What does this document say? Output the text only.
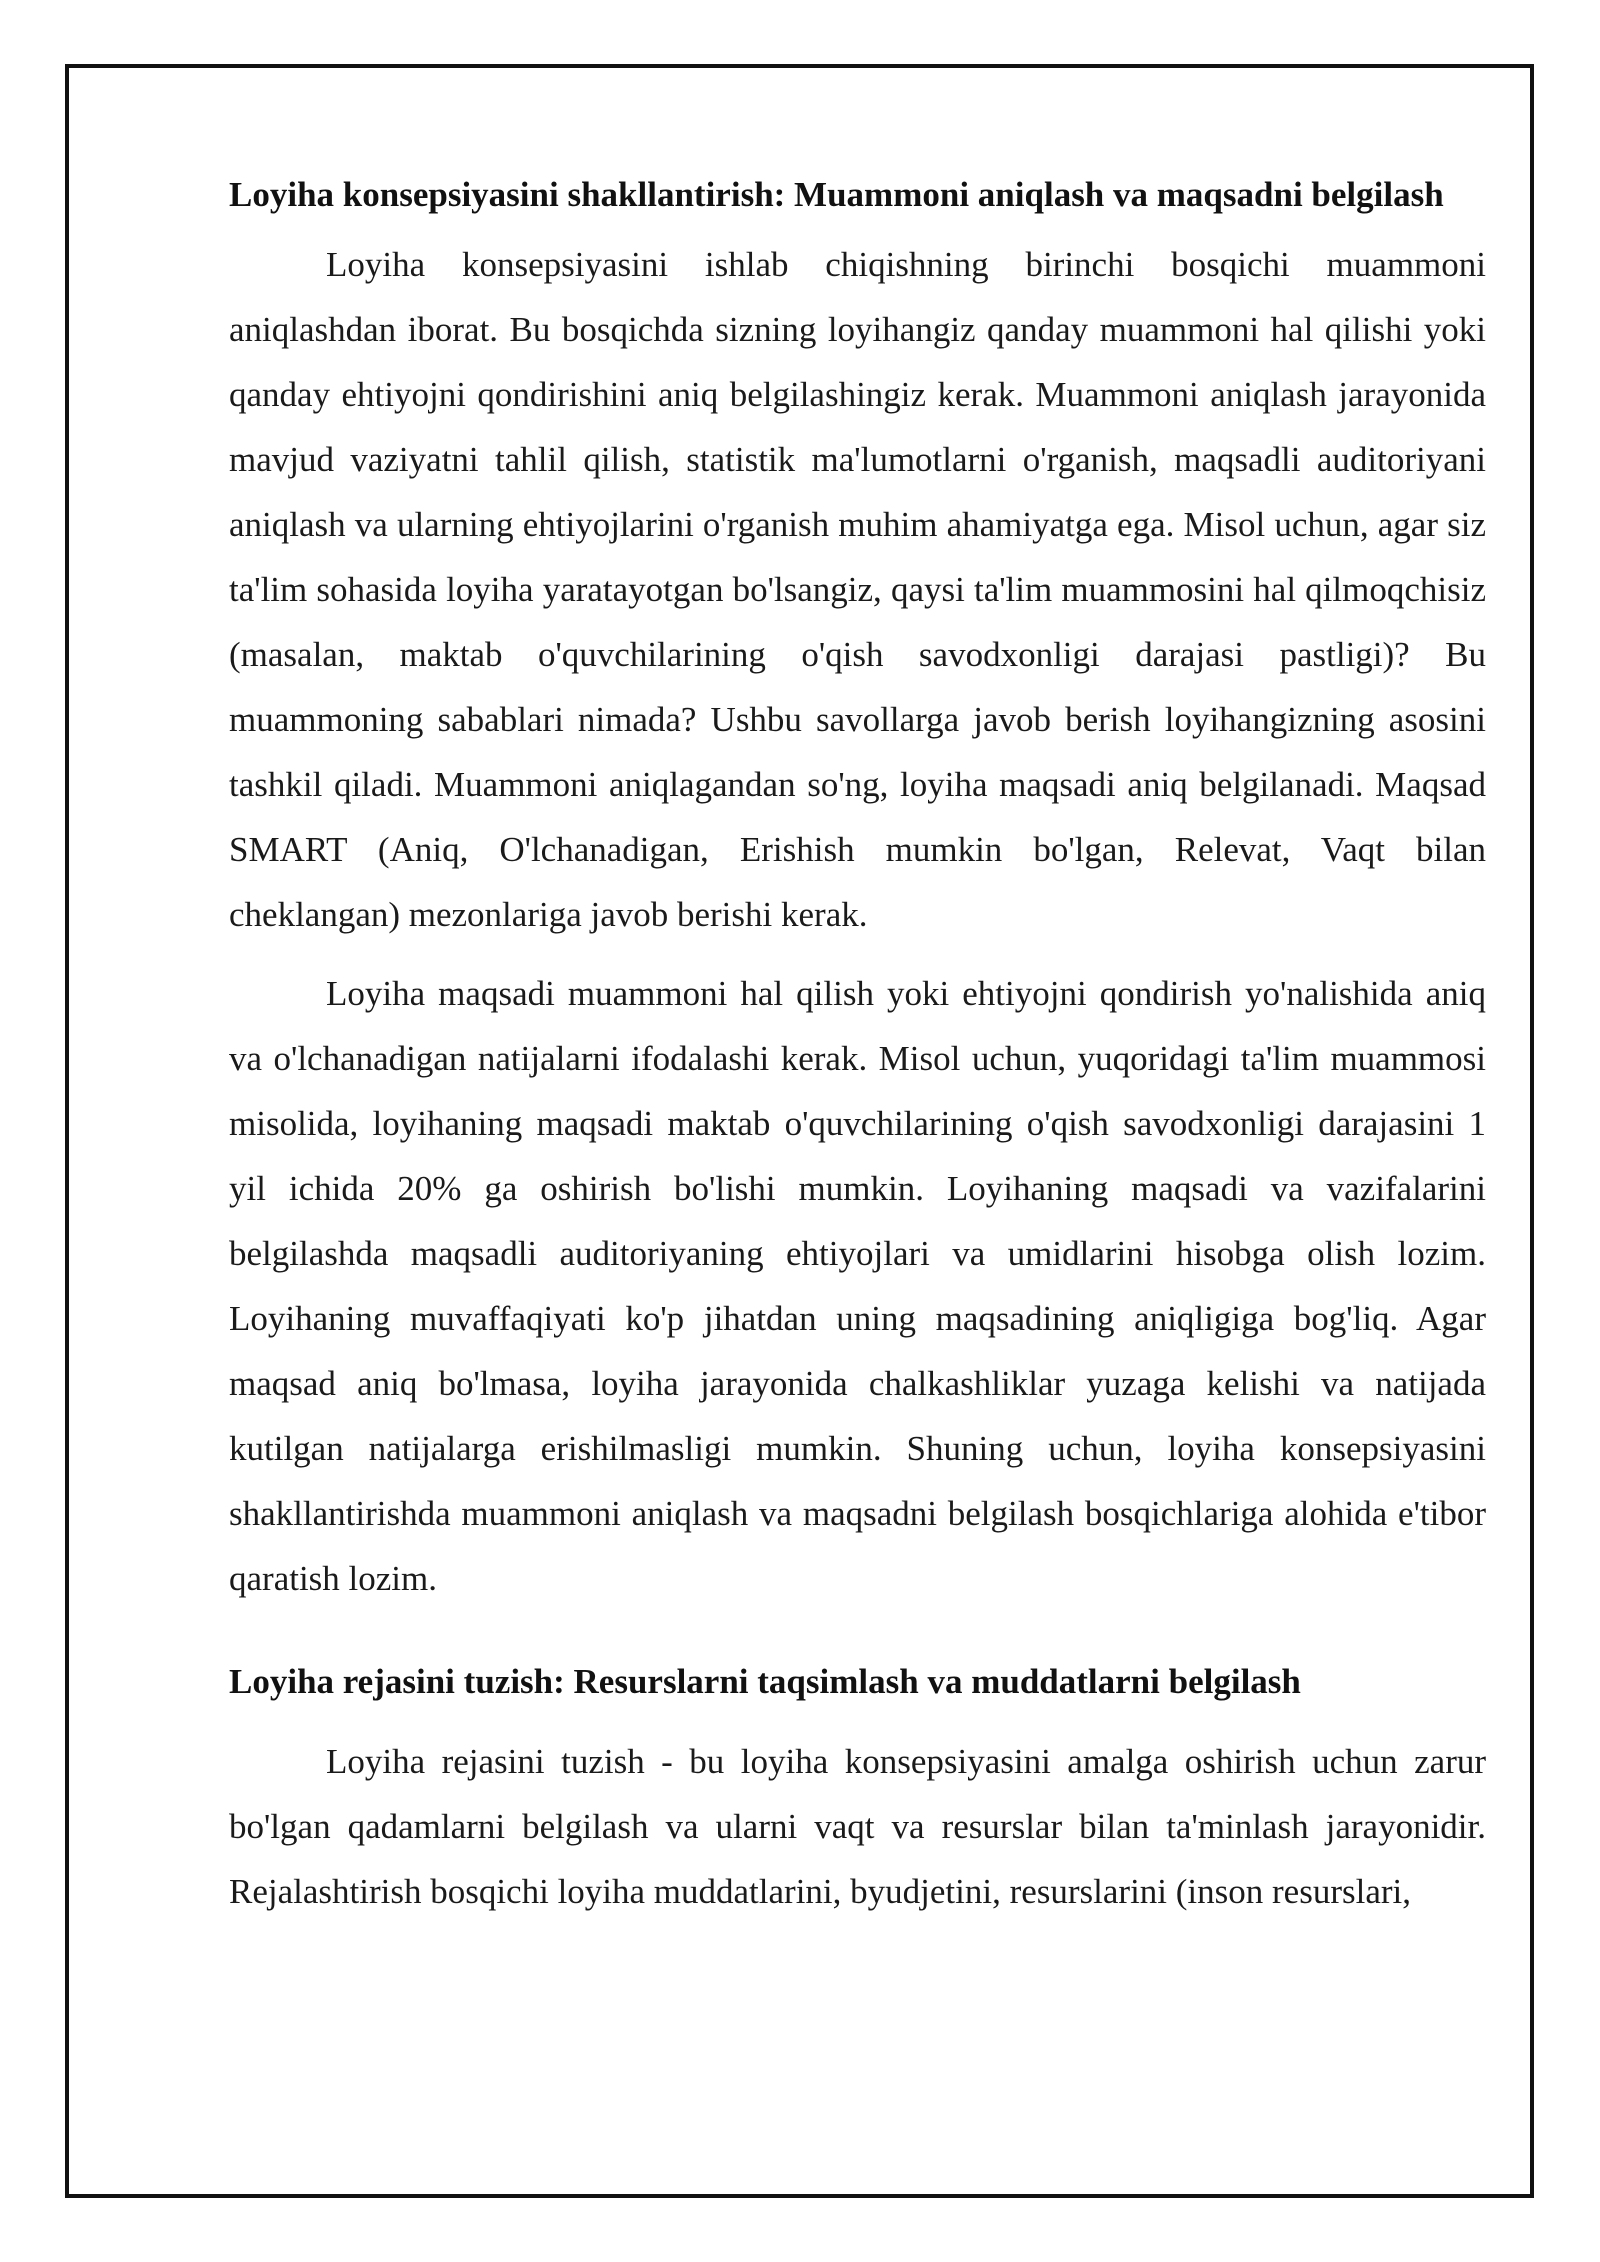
Loyiha konsepsiyasini shakllantirish: Muammoni aniqlash va maqsadni belgilash

Loyiha konsepsiyasini ishlab chiqishning birinchi bosqichi muammoni aniqlashdan iborat. Bu bosqichda sizning loyihangiz qanday muammoni hal qilishi yoki qanday ehtiyojni qondirishini aniq belgilashingiz kerak. Muammoni aniqlash jarayonida mavjud vaziyatni tahlil qilish, statistik ma'lumotlarni o'rganish, maqsadli auditoriyani aniqlash va ularning ehtiyojlarini o'rganish muhim ahamiyatga ega. Misol uchun, agar siz ta'lim sohasida loyiha yaratayotgan bo'lsangiz, qaysi ta'lim muammosini hal qilmoqchisiz (masalan, maktab o'quvchilarining o'qish savodxonligi darajasi pastligi)? Bu muammoning sabablari nimada? Ushbu savollarga javob berish loyihangizning asosini tashkil qiladi. Muammoni aniqlagandan so'ng, loyiha maqsadi aniq belgilanadi. Maqsad SMART (Aniq, O'lchanadigan, Erishish mumkin bo'lgan, Relevat, Vaqt bilan cheklangan) mezonlariga javob berishi kerak.

Loyiha maqsadi muammoni hal qilish yoki ehtiyojni qondirish yo'nalishida aniq va o'lchanadigan natijalarni ifodalashi kerak. Misol uchun, yuqoridagi ta'lim muammosi misolida, loyihaning maqsadi maktab o'quvchilarining o'qish savodxonligi darajasini 1 yil ichida 20% ga oshirish bo'lishi mumkin. Loyihaning maqsadi va vazifalarini belgilashda maqsadli auditoriyaning ehtiyojlari va umidlarini hisobga olish lozim. Loyihaning muvaffaqiyati ko'p jihatdan uning maqsadining aniqligiga bog'liq. Agar maqsad aniq bo'lmasa, loyiha jarayonida chalkashliklar yuzaga kelishi va natijada kutilgan natijalarga erishilmasligi mumkin. Shuning uchun, loyiha konsepsiyasini shakllantirishda muammoni aniqlash va maqsadni belgilash bosqichlariga alohida e'tibor qaratish lozim.

Loyiha rejasini tuzish: Resurslarni taqsimlash va muddatlarni belgilash

Loyiha rejasini tuzish - bu loyiha konsepsiyasini amalga oshirish uchun zarur bo'lgan qadamlarni belgilash va ularni vaqt va resurslar bilan ta'minlash jarayonidir. Rejalashtirish bosqichi loyiha muddatlarini, byudjetini, resurslarini (inson resurslari,
